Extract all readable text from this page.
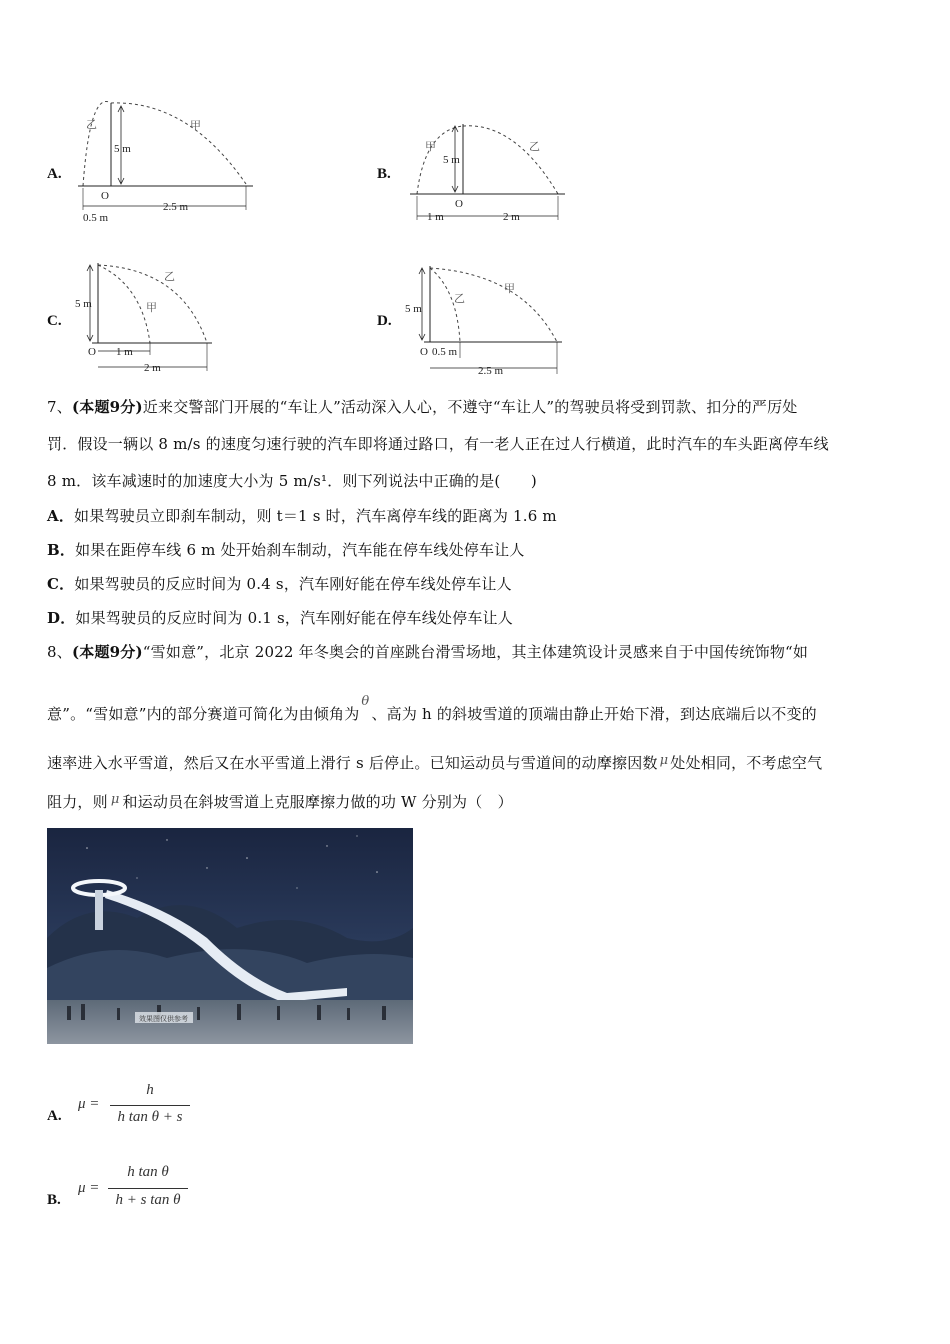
A.
5 m
O
0.5 m
2.5 m
乙	甲
B.
5 m
O
1 m	2 m
甲	乙
C.
5 m
O 1 m
2 m
乙
甲
D.
5 m
O 0.5 m
2.5 m
甲
乙
7、(本题9分)近来交警部门开展的“车让人”活动深入人心，不遵守“车让人”的驾驶员将受到罚款、扣分的严厉处
罚．假设一辆以 8 m/s 的速度匀速行驶的汽车即将通过路口，有一老人正在过人行横道，此时汽车的车头距离停车线
8 m．该车减速时的加速度大小为 5 m/s¹．则下列说法中正确的是(　　)
A．如果驾驶员立即刹车制动，则 t＝1 s 时，汽车离停车线的距离为 1.6 m
B．如果在距停车线 6 m 处开始刹车制动，汽车能在停车线处停车让人
C．如果驾驶员的反应时间为 0.4 s，汽车刚好能在停车线处停车让人
D．如果驾驶员的反应时间为 0.1 s，汽车刚好能在停车线处停车让人
8、(本题9分)“雪如意”，北京 2022 年冬奥会的首座跳台滑雪场地，其主体建筑设计灵感来自于中国传统饰物“如
意”。“雪如意”内的部分赛道可简化为由倾角为θ、高为 h 的斜坡雪道的顶端由静止开始下滑，到达底端后以不变的
速率进入水平雪道，然后又在水平雪道上滑行 s 后停止。已知运动员与雪道间的动摩擦因数 μ 处处相同，不考虑空气
阻力，则 μ 和运动员在斜坡雪道上克服摩擦力做的功 W 分别为（　）
效果图仅供参考
A.
μ =
h
h tan θ + s
B.
μ =
h tan θ
h + s tan θ
